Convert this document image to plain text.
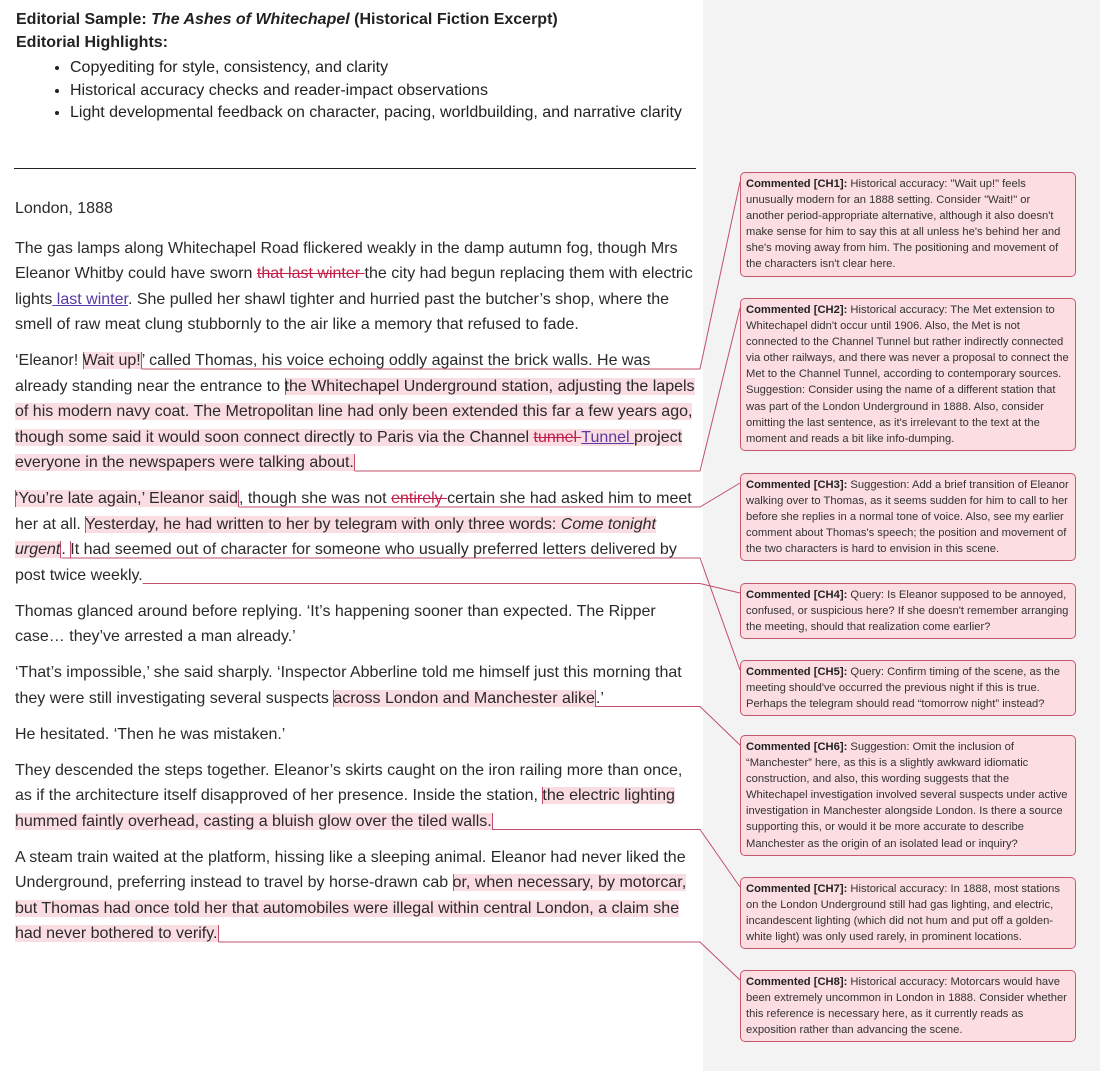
Editorial Sample: The Ashes of Whitechapel (Historical Fiction Excerpt)
Editorial Highlights:
• Copyediting for style, consistency, and clarity
• Historical accuracy checks and reader-impact observations
• Light developmental feedback on character, pacing, worldbuilding, and narrative clarity

London, 1888

The gas lamps along Whitechapel Road flickered weakly in the damp autumn fog, though Mrs Eleanor Whitby could have sworn that last winter the city had begun replacing them with electric lights last winter. She pulled her shawl tighter and hurried past the butcher’s shop, where the smell of raw meat clung stubbornly to the air like a memory that refused to fade.

‘Eleanor! Wait up!’ called Thomas, his voice echoing oddly against the brick walls. He was already standing near the entrance to the Whitechapel Underground station, adjusting the lapels of his modern navy coat. The Metropolitan line had only been extended this far a few years ago, though some said it would soon connect directly to Paris via the Channel tunnel Tunnel project everyone in the newspapers were talking about.

‘You’re late again,’ Eleanor said, though she was not entirely certain she had asked him to meet her at all. Yesterday, he had written to her by telegram with only three words: Come tonight urgent. It had seemed out of character for someone who usually preferred letters delivered by post twice weekly.

Thomas glanced around before replying. ‘It’s happening sooner than expected. The Ripper case… they’ve arrested a man already.’

‘That’s impossible,’ she said sharply. ‘Inspector Abberline told me himself just this morning that they were still investigating several suspects across London and Manchester alike.’

He hesitated. ‘Then he was mistaken.’

They descended the steps together. Eleanor’s skirts caught on the iron railing more than once, as if the architecture itself disapproved of her presence. Inside the station, the electric lighting hummed faintly overhead, casting a bluish glow over the tiled walls.

A steam train waited at the platform, hissing like a sleeping animal. Eleanor had never liked the Underground, preferring instead to travel by horse-drawn cab or, when necessary, by motorcar, but Thomas had once told her that automobiles were illegal within central London, a claim she had never bothered to verify.

Commented [CH1]: Historical accuracy: "Wait up!" feels unusually modern for an 1888 setting. Consider "Wait!" or another period-appropriate alternative, although it also doesn't make sense for him to say this at all unless he's behind her and she's moving away from him. The positioning and movement of the characters isn't clear here.
Commented [CH2]: Historical accuracy: The Met extension to Whitechapel didn't occur until 1906. Also, the Met is not connected to the Channel Tunnel but rather indirectly connected via other railways, and there was never a proposal to connect the Met to the Channel Tunnel, according to contemporary sources.
Suggestion: Consider using the name of a different station that was part of the London Underground in 1888. Also, consider omitting the last sentence, as it's irrelevant to the text at the moment and reads a bit like info-dumping.
Commented [CH3]: Suggestion: Add a brief transition of Eleanor walking over to Thomas, as it seems sudden for him to call to her before she replies in a normal tone of voice. Also, see my earlier comment about Thomas's speech; the position and movement of the two characters is hard to envision in this scene.
Commented [CH4]: Query: Is Eleanor supposed to be annoyed, confused, or suspicious here? If she doesn't remember arranging the meeting, should that realization come earlier?
Commented [CH5]: Query: Confirm timing of the scene, as the meeting should've occurred the previous night if this is true. Perhaps the telegram should read “tomorrow night” instead?
Commented [CH6]: Suggestion: Omit the inclusion of “Manchester” here, as this is a slightly awkward idiomatic construction, and also, this wording suggests that the Whitechapel investigation involved several suspects under active investigation in Manchester alongside London. Is there a source supporting this, or would it be more accurate to describe Manchester as the origin of an isolated lead or inquiry?
Commented [CH7]: Historical accuracy: In 1888, most stations on the London Underground still had gas lighting, and electric, incandescent lighting (which did not hum and put off a golden-white light) was only used rarely, in prominent locations.
Commented [CH8]: Historical accuracy: Motorcars would have been extremely uncommon in London in 1888. Consider whether this reference is necessary here, as it currently reads as exposition rather than advancing the scene.
